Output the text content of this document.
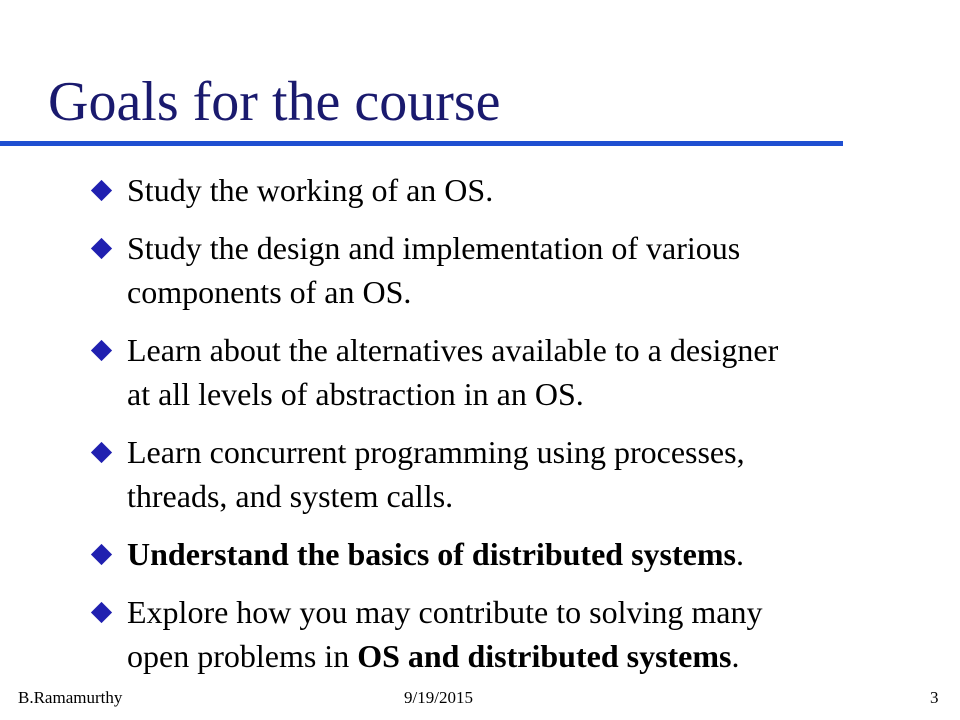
Goals for the course
Study the working of an OS.
Study the design and implementation of various
components of an OS.
Learn about the alternatives available to a designer
at all levels of abstraction in an OS.
Learn concurrent programming using processes,
threads, and system calls.
Understand the basics of distributed systems.
Explore how you may contribute to solving many
open problems in OS and distributed systems.
B.Ramamurthy	9/19/2015	3
